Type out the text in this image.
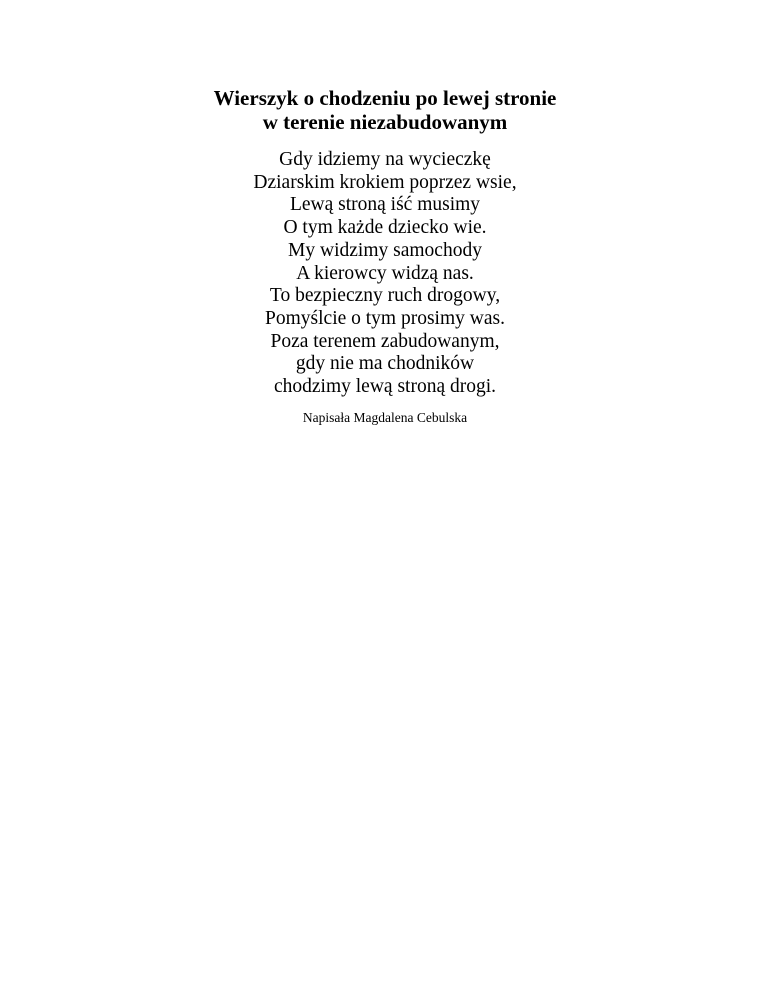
Wierszyk o chodzeniu po lewej stronie
w terenie niezabudowanym
Gdy idziemy na wycieczkę
Dziarskim krokiem poprzez wsie,
Lewą stroną iść musimy
O tym każde dziecko wie.
My widzimy samochody
A kierowcy widzą nas.
To bezpieczny ruch drogowy,
Pomyślcie o tym prosimy was.
Poza terenem zabudowanym,
gdy nie ma chodników
chodzimy lewą stroną drogi.
Napisała Magdalena Cebulska
